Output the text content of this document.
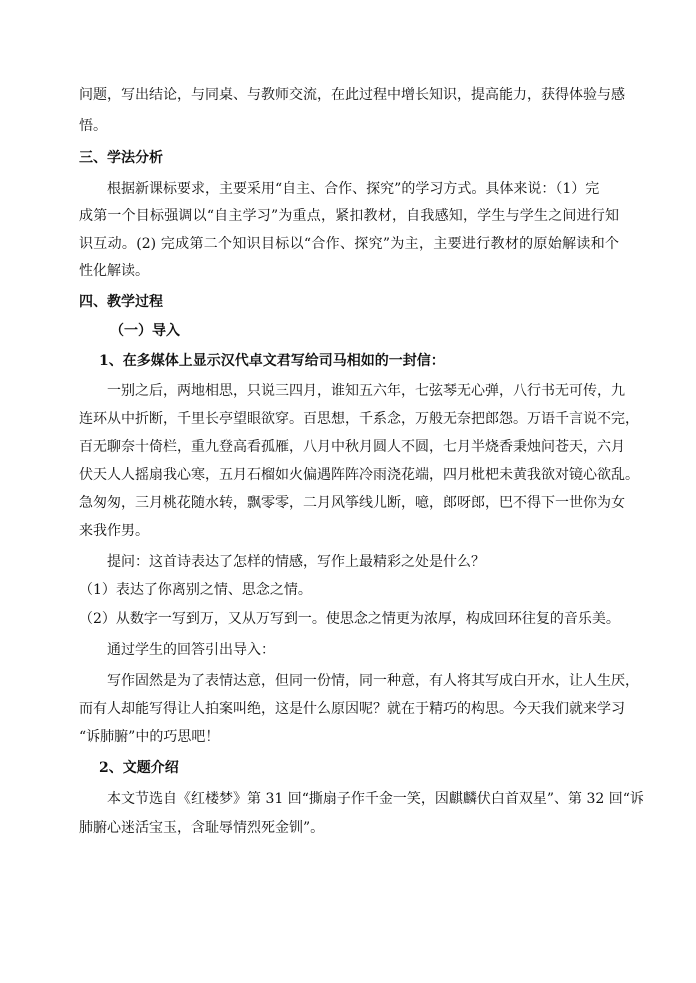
问题，写出结论，与同桌、与教师交流，在此过程中增长知识，提高能力，获得体验与感
悟。
三、学法分析
根据新课标要求，主要采用“自主、合作、探究”的学习方式。具体来说：（1）完
成第一个目标强调以“自主学习”为重点，紧扣教材，自我感知，学生与学生之间进行知
识互动。(2) 完成第二个知识目标以“合作、探究”为主，主要进行教材的原始解读和个
性化解读。
四、教学过程
（一）导入
1、在多媒体上显示汉代卓文君写给司马相如的一封信：
一别之后，两地相思，只说三四月，谁知五六年，七弦琴无心弹，八行书无可传，九
连环从中折断，千里长亭望眼欲穿。百思想，千系念，万般无奈把郎怨。万语千言说不完，
百无聊奈十倚栏，重九登高看孤雁，八月中秋月圆人不圆，七月半烧香秉烛问苍天，六月
伏天人人摇扇我心寒，五月石榴如火偏遇阵阵冷雨浇花端，四月枇杷未黄我欲对镜心欲乱。
急匆匆，三月桃花随水转，飘零零，二月风筝线儿断，噫，郎呀郎，巴不得下一世你为女
来我作男。
提问：这首诗表达了怎样的情感，写作上最精彩之处是什么？
（1）表达了你离别之情、思念之情。
（2）从数字一写到万，又从万写到一。使思念之情更为浓厚，构成回环往复的音乐美。
通过学生的回答引出导入：
写作固然是为了表情达意，但同一份情，同一种意，有人将其写成白开水，让人生厌，
而有人却能写得让人拍案叫绝，这是什么原因呢？就在于精巧的构思。今天我们就来学习
“诉肺腑”中的巧思吧！
2、文题介绍
本文节选自《红楼梦》第 31 回“撕扇子作千金一笑，因麒麟伏白首双星”、第 32 回“诉
肺腑心迷活宝玉，含耻辱情烈死金钏”。
